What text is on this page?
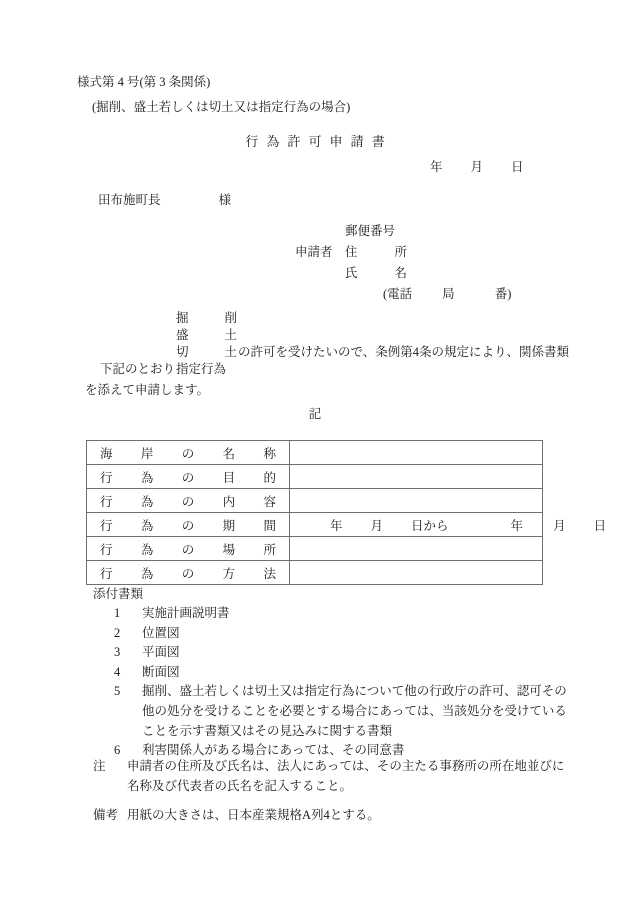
様式第 4 号(第 3 条関係)
(掘削、盛土若しくは切土又は指定行為の場合)
行為許可申請書
年 月 日
田布施町長	様
郵便番号
申請者 住所
氏名
(電話 局	番)
下記のとおり
掘削
盛土
切土
指定行為
の許可を受けたいので、条例第4条の規定により、関係書類
を添えて申請します。
記
海岸の名称	

行為の目的	

行為の内容	

行為の期間	年 月 日から 年 月 日

行為の場所	

行為の方法	

添付書類
1 実施計画説明書
2 位置図
3 平面図
4 断面図
5 掘削、盛土若しくは切土又は指定行為について他の行政庁の許可、認可その他の処分を受けることを必要とする場合にあっては、当該処分を受けていることを示す書類又はその見込みに関する書類
6 利害関係人がある場合にあっては、その同意書
注 申請者の住所及び氏名は、法人にあっては、その主たる事務所の所在地並びに名称及び代表者の氏名を記入すること。
備考 用紙の大きさは、日本産業規格A列4とする。
